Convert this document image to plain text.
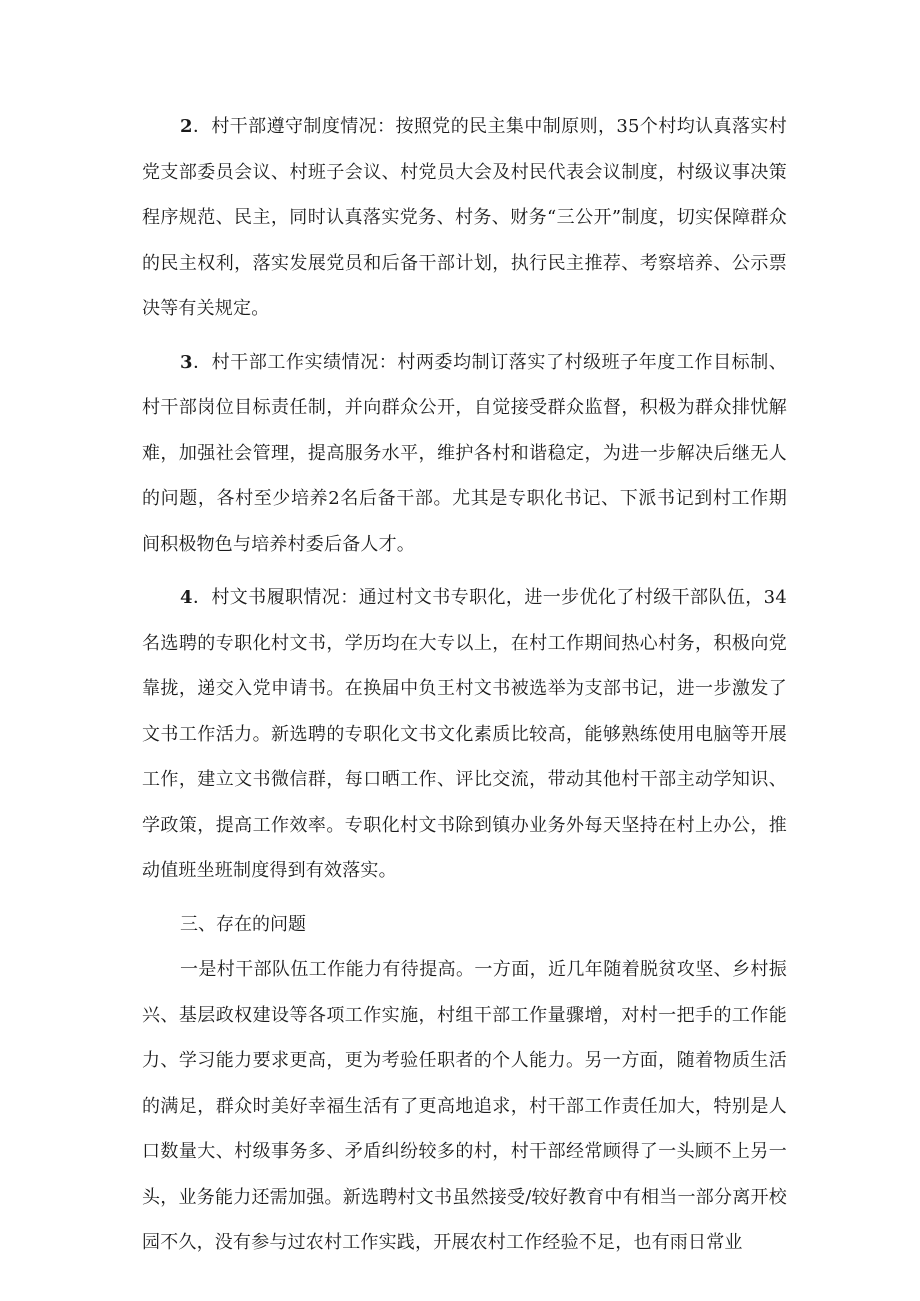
2．村干部遵守制度情况：按照党的民主集中制原则，35个村均认真落实村党支部委员会议、村班子会议、村党员大会及村民代表会议制度，村级议事决策程序规范、民主，同时认真落实党务、村务、财务“三公开”制度，切实保障群众的民主权利，落实发展党员和后备干部计划，执行民主推荐、考察培养、公示票决等有关规定。

3．村干部工作实绩情况：村两委均制订落实了村级班子年度工作目标制、村干部岗位目标责任制，并向群众公开，自觉接受群众监督，积极为群众排忧解难，加强社会管理，提高服务水平，维护各村和谐稳定，为进一步解决后继无人的问题，各村至少培养2名后备干部。尤其是专职化书记、下派书记到村工作期间积极物色与培养村委后备人才。

4．村文书履职情况：通过村文书专职化，进一步优化了村级干部队伍，34名选聘的专职化村文书，学历均在大专以上，在村工作期间热心村务，积极向党靠拢，递交入党申请书。在换届中负王村文书被选举为支部书记，进一步激发了文书工作活力。新选聘的专职化文书文化素质比较高，能够熟练使用电脑等开展工作，建立文书微信群，每口晒工作、评比交流，带动其他村干部主动学知识、学政策，提高工作效率。专职化村文书除到镇办业务外每天坚持在村上办公，推动值班坐班制度得到有效落实。

三、存在的问题

一是村干部队伍工作能力有待提高。一方面，近几年随着脱贫攻坚、乡村振兴、基层政权建设等各项工作实施，村组干部工作量骤增，对村一把手的工作能力、学习能力要求更高，更为考验任职者的个人能力。另一方面，随着物质生活的满足，群众时美好幸福生活有了更高地追求，村干部工作责任加大，特别是人口数量大、村级事务多、矛盾纠纷较多的村，村干部经常顾得了一头顾不上另一头，业务能力还需加强。新选聘村文书虽然接受/较好教育中有相当一部分离开校园不久，没有参与过农村工作实践，开展农村工作经验不足，也有雨日常业
